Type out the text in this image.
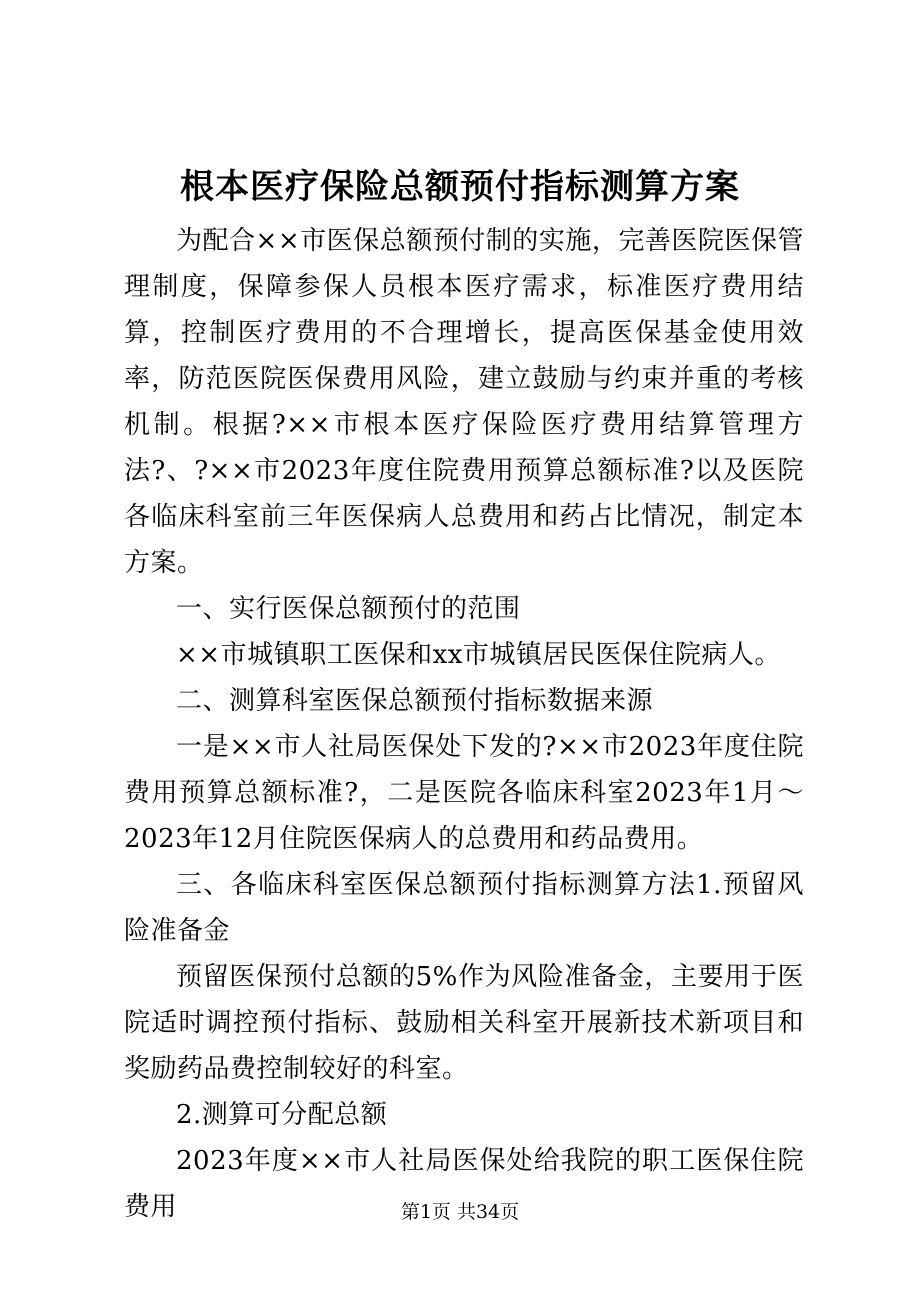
根本医疗保险总额预付指标测算方案

为配合××市医保总额预付制的实施，完善医院医保管理制度，保障参保人员根本医疗需求，标准医疗费用结算，控制医疗费用的不合理增长，提高医保基金使用效率，防范医院医保费用风险，建立鼓励与约束并重的考核机制。根据?××市根本医疗保险医疗费用结算管理方法?、?××市2023年度住院费用预算总额标准?以及医院各临床科室前三年医保病人总费用和药占比情况，制定本方案。

一、实行医保总额预付的范围

××市城镇职工医保和xx市城镇居民医保住院病人。

二、测算科室医保总额预付指标数据来源

一是××市人社局医保处下发的?××市2023年度住院费用预算总额标准?，二是医院各临床科室2023年1月～2023年12月住院医保病人的总费用和药品费用。

三、各临床科室医保总额预付指标测算方法1.预留风险准备金

预留医保预付总额的5%作为风险准备金，主要用于医院适时调控预付指标、鼓励相关科室开展新技术新项目和奖励药品费控制较好的科室。

2.测算可分配总额

2023年度××市人社局医保处给我院的职工医保住院费用	第1页 共34页
